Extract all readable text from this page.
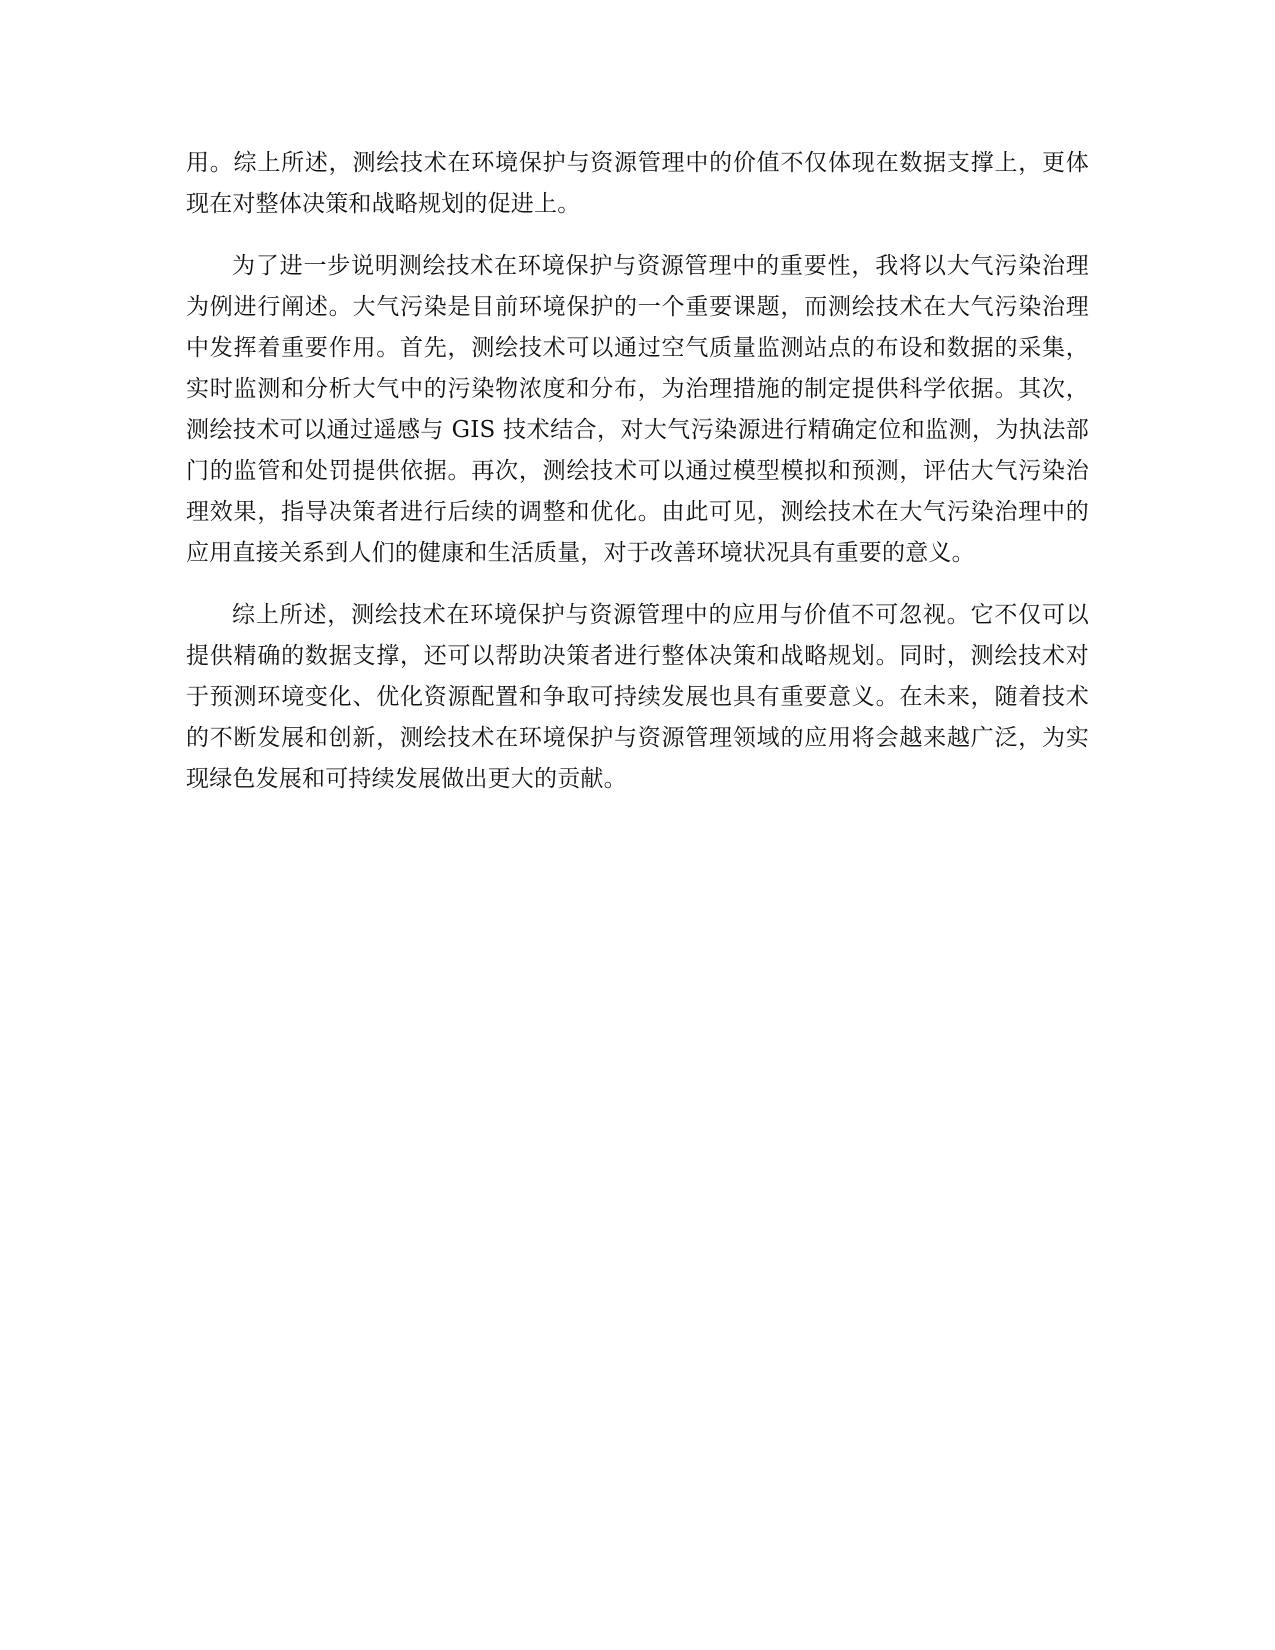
用。综上所述，测绘技术在环境保护与资源管理中的价值不仅体现在数据支撑上，更体现在对整体决策和战略规划的促进上。

为了进一步说明测绘技术在环境保护与资源管理中的重要性，我将以大气污染治理为例进行阐述。大气污染是目前环境保护的一个重要课题，而测绘技术在大气污染治理中发挥着重要作用。首先，测绘技术可以通过空气质量监测站点的布设和数据的采集，实时监测和分析大气中的污染物浓度和分布，为治理措施的制定提供科学依据。其次，测绘技术可以通过遥感与 GIS 技术结合，对大气污染源进行精确定位和监测，为执法部门的监管和处罚提供依据。再次，测绘技术可以通过模型模拟和预测，评估大气污染治理效果，指导决策者进行后续的调整和优化。由此可见，测绘技术在大气污染治理中的应用直接关系到人们的健康和生活质量，对于改善环境状况具有重要的意义。

综上所述，测绘技术在环境保护与资源管理中的应用与价值不可忽视。它不仅可以提供精确的数据支撑，还可以帮助决策者进行整体决策和战略规划。同时，测绘技术对于预测环境变化、优化资源配置和争取可持续发展也具有重要意义。在未来，随着技术的不断发展和创新，测绘技术在环境保护与资源管理领域的应用将会越来越广泛，为实现绿色发展和可持续发展做出更大的贡献。
